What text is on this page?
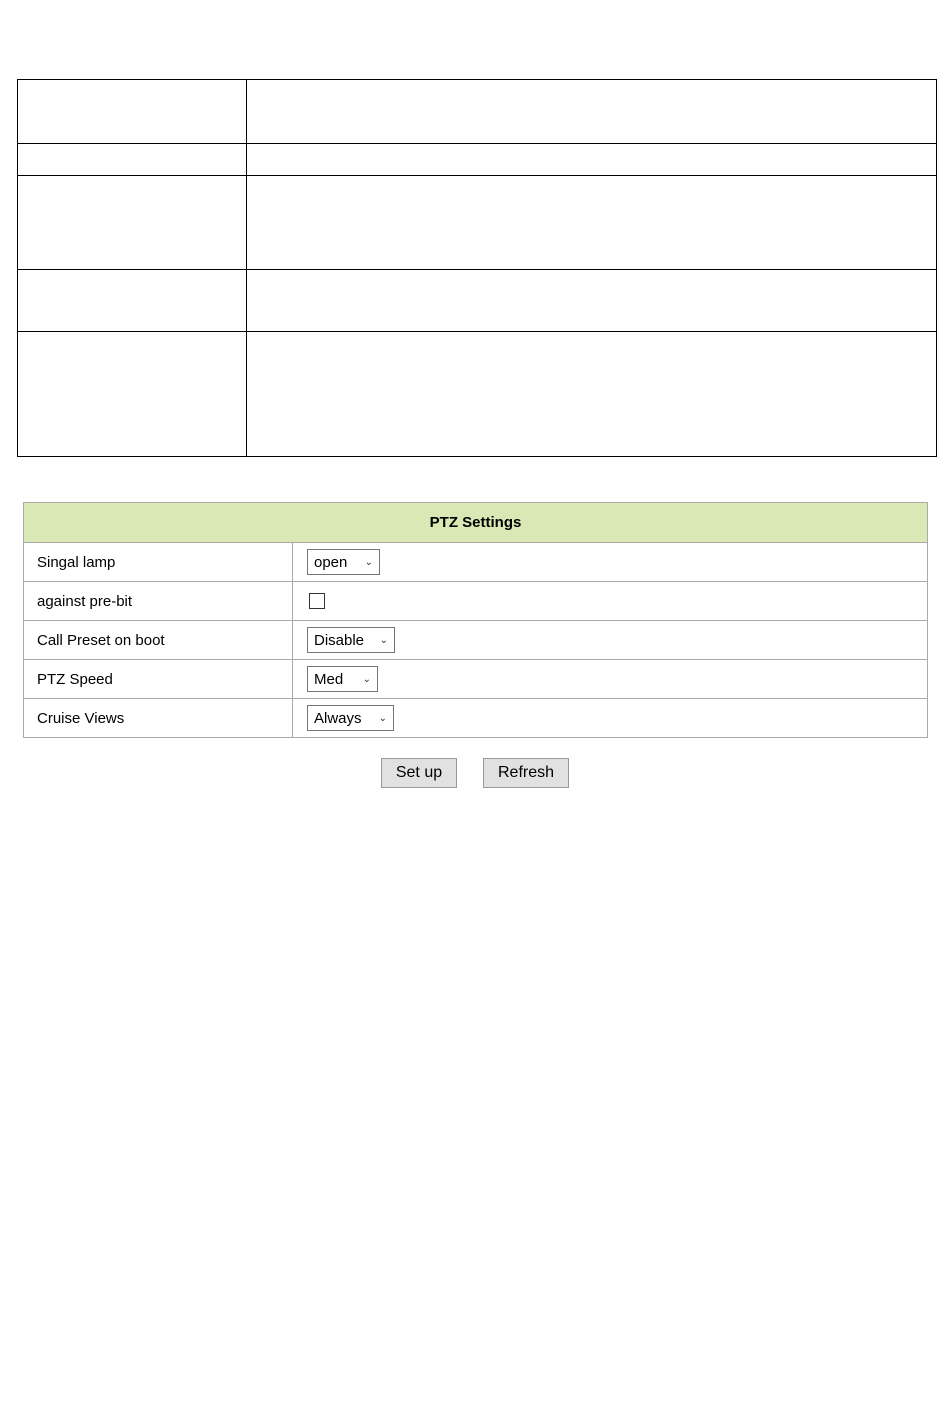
PTZ Settings
Singal lamp	open ⌄
against pre-bit
Call Preset on boot	Disable ⌄
PTZ Speed	Med ⌄
Cruise Views	Always ⌄
Set up	Refresh
